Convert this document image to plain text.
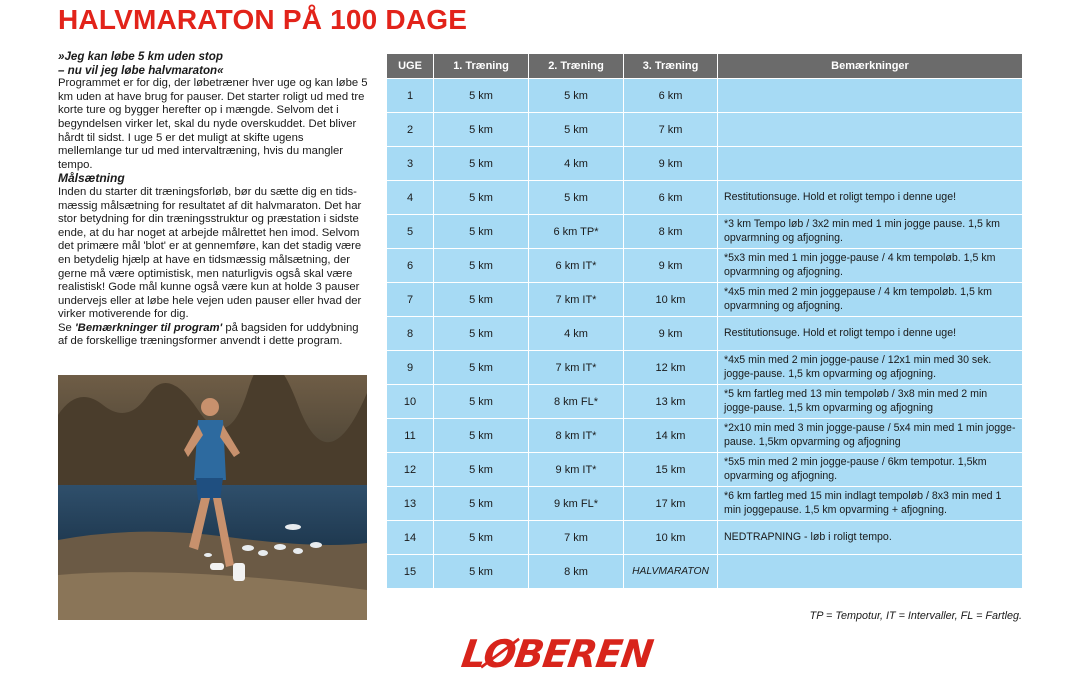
HALVMARATON PÅ 100 DAGE

»Jeg kan løbe 5 km uden stop

– nu vil jeg løbe halvmaraton«

Programmet er for dig, der løbetræner hver uge og kan løbe 5 km uden at have brug for pauser. Det starter roligt ud med tre korte ture og bygger herefter op i mængde. Selvom det i begyndelsen virker let, skal du nyde overskuddet. Det bliver hårdt til sidst. I uge 5 er det muligt at skifte ugens mellemlange tur ud med intervaltræning, hvis du mangler tempo.

Målsætning

Inden du starter dit træningsforløb, bør du sætte dig en tids-mæssig målsætning for resultatet af dit halvmaraton. Det har stor betydning for din træningsstruktur og præstation i sidste ende, at du har noget at arbejde målrettet hen imod. Selvom det primære mål 'blot' er at gennemføre, kan det stadig være en betydelig hjælp at have en tidsmæssig målsætning, der gerne må være optimistisk, men naturligvis også skal være realistisk! Gode mål kunne også være kun at holde 3 pauser undervejs eller at løbe hele vejen uden pauser eller hvad der virker motiverende for dig.

Se 'Bemærkninger til program' på bagsiden for uddybning af de forskellige træningsformer anvendt i dette program.

UGE	1. Træning	2. Træning	3. Træning	Bemærkninger
1	5 km	5 km	6 km	
2	5 km	5 km	7 km	
3	5 km	4 km	9 km	
4	5 km	5 km	6 km	Restitutionsuge. Hold et roligt tempo i denne uge!
5	5 km	6 km TP*	8 km	*3 km Tempo løb / 3x2 min med 1 min jogge pause. 1,5 km opvarmning og afjogning.
6	5 km	6 km IT*	9 km	*5x3 min med 1 min jogge-pause / 4 km tempoløb. 1,5 km opvarmning og afjogning.
7	5 km	7 km IT*	10 km	*4x5 min med 2 min joggepause / 4 km tempoløb. 1,5 km opvarmning og afjogning.
8	5 km	4 km	9 km	Restitutionsuge. Hold et roligt tempo i denne uge!
9	5 km	7 km IT*	12 km	*4x5 min med 2 min jogge-pause / 12x1 min med 30 sek. jogge-pause. 1,5 km opvarming og afjogning.
10	5 km	8 km FL*	13 km	*5 km fartleg med 13 min tempoløb / 3x8 min med 2 min jogge-pause. 1,5 km opvarming og afjogning
11	5 km	8 km IT*	14 km	*2x10 min med 3 min jogge-pause / 5x4 min med 1 min jogge-pause. 1,5km opvarming og afjogning
12	5 km	9 km IT*	15 km	*5x5 min med 2 min jogge-pause / 6km tempotur. 1,5km opvarming og afjogning.
13	5 km	9 km FL*	17 km	*6 km fartleg med 15 min indlagt tempoløb / 8x3 min med 1 min joggepause. 1,5 km opvarming + afjogning.
14	5 km	7 km	10 km	NEDTRAPNING - løb i roligt tempo.
15	5 km	8 km	HALVMARATON	
TP = Tempotur, IT = Intervaller, FL = Fartleg.
LØBEREN
